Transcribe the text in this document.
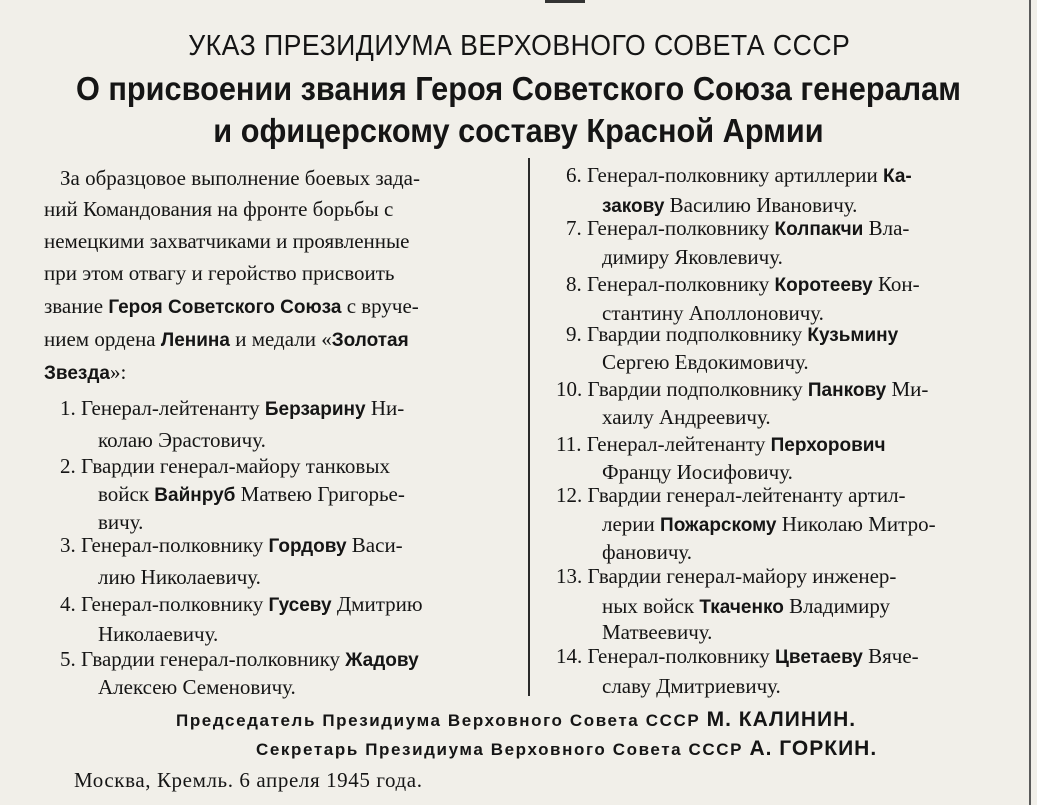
УКАЗ ПРЕЗИДИУМА ВЕРХОВНОГО СОВЕТА СССР
О присвоении звания Героя Советского Союза генералам
и офицерскому составу Красной Армии
За образцовое выполнение боевых зада-
ний Командования на фронте борьбы с
немецкими захватчиками и проявленные
при этом отвагу и геройство присвоить
звание Героя Советского Союза с вруче-
нием ордена Ленина и медали «Золотая
Звезда»:
Председатель Президиума Верховного Совета СССР М. КАЛИНИН.
Секретарь Президиума Верховного Совета СССР А. ГОРКИН.
Москва, Кремль. 6 апреля 1945 года.
1. Генерал-лейтенанту Берзарину Ни-
колаю Эрастовичу.
2. Гвардии генерал-майору танковых
войск Вайнруб Матвею Григорье-
вичу.
3. Генерал-полковнику Гордову Васи-
лию Николаевичу.
4. Генерал-полковнику Гусеву Дмитрию
Николаевичу.
5. Гвардии генерал-полковнику Жадову
Алексею Семеновичу.
6. Генерал-полковнику артиллерии Ка-
закову Василию Ивановичу.
7. Генерал-полковнику Колпакчи Вла-
димиру Яковлевичу.
8. Генерал-полковнику Коротееву Кон-
стантину Аполлоновичу.
9. Гвардии подполковнику Кузьмину
Сергею Евдокимовичу.
10. Гвардии подполковнику Панкову Ми-
хаилу Андреевичу.
11. Генерал-лейтенанту Перхорович
Францу Иосифовичу.
12. Гвардии генерал-лейтенанту артил-
лерии Пожарскому Николаю Митро-
фановичу.
13. Гвардии генерал-майору инженер-
ных войск Ткаченко Владимиру
Матвеевичу.
14. Генерал-полковнику Цветаеву Вяче-
славу Дмитриевичу.
